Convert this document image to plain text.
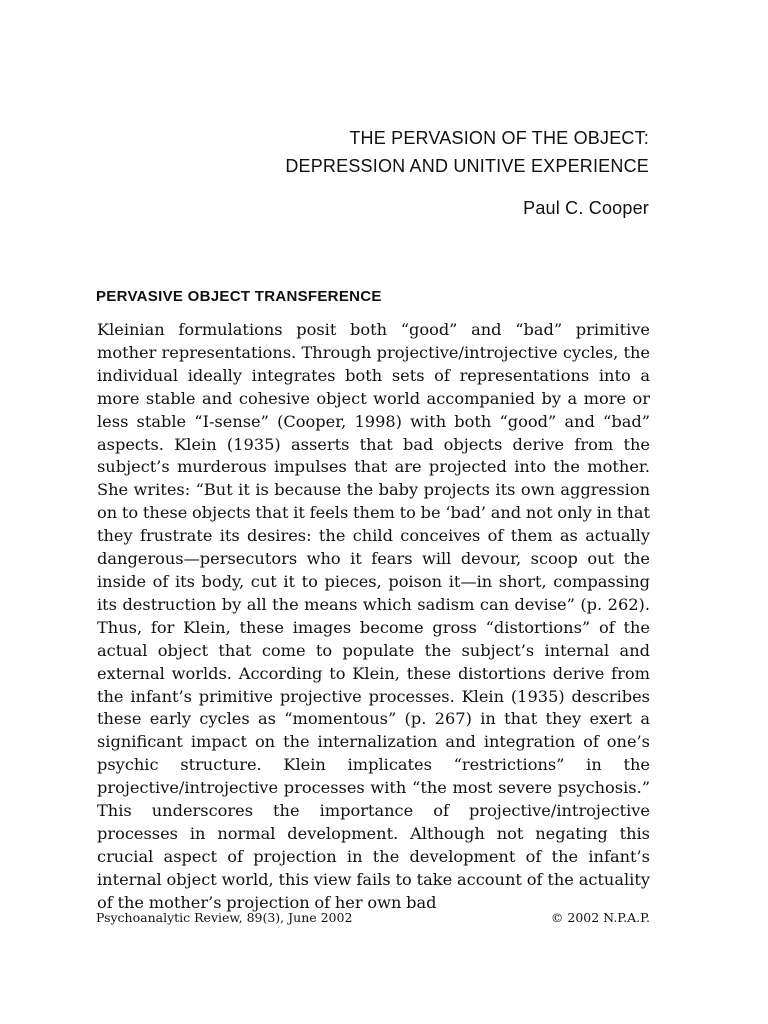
THE PERVASION OF THE OBJECT:

DEPRESSION AND UNITIVE EXPERIENCE

Paul C. Cooper
PERVASIVE OBJECT TRANSFERENCE

Kleinian formulations posit both “good” and “bad” primitive mother representations. Through projective/introjective cycles, the individual ideally integrates both sets of representations into a more stable and cohesive object world accompanied by a more or less stable “I-sense” (Cooper, 1998) with both “good” and “bad” aspects. Klein (1935) asserts that bad objects derive from the subject’s murderous impulses that are projected into the mother. She writes: “But it is because the baby projects its own aggression on to these objects that it feels them to be ‘bad’ and not only in that they frustrate its desires: the child conceives of them as actually dangerous—persecutors who it fears will devour, scoop out the inside of its body, cut it to pieces, poison it—in short, compassing its destruction by all the means which sadism can devise” (p. 262). Thus, for Klein, these images become gross “distortions” of the actual object that come to populate the subject’s internal and external worlds. According to Klein, these distortions derive from the infant’s primitive projective processes. Klein (1935) describes these early cycles as “momentous” (p. 267) in that they exert a significant impact on the internalization and integration of one’s psychic structure. Klein implicates “restrictions” in the projective/introjective processes with “the most severe psychosis.” This underscores the importance of projective/introjective processes in normal development. Although not negating this crucial aspect of projection in the development of the infant’s internal object world, this view fails to take account of the actuality of the mother’s projection of her own bad

Psychoanalytic Review, 89(3), June 2002	© 2002 N.P.A.P.
